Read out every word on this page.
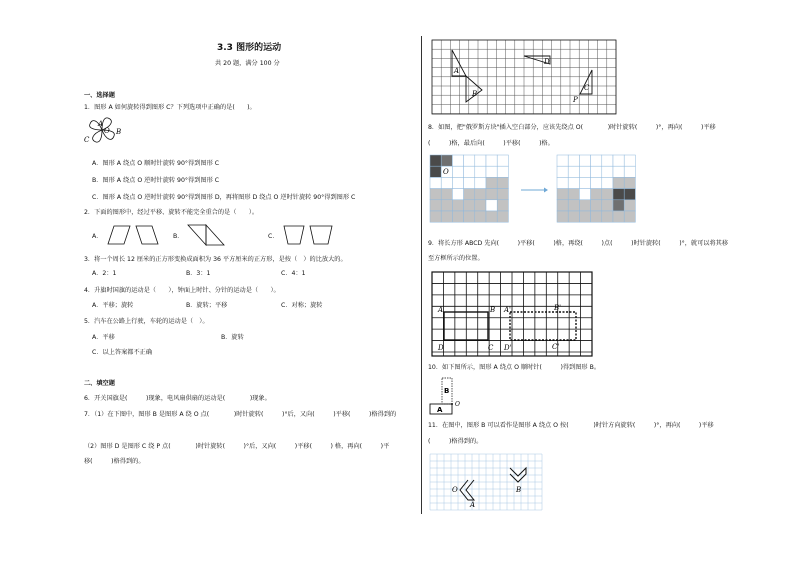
3.3 图形的运动
共 20 题，满分 100 分
一、选择题
1．图形 A 如何旋转得到图形 C？下列选项中正确的是(　　)。
A
O B
C
A．图形 A 绕点 O 顺时针旋转 90°得到图形 C
B．图形 A 绕点 O 逆时针旋转 90°得到图形 C
C．图形 A 绕点 O 逆时针旋转 90°得到图形 D，再将图形 D 绕点 O 逆时针旋转 90°得到图形 C
2．下面的图形中，经过平移、旋转不能完全重合的是（　　）。
A．	B．	C．
3．将一个周长 12 厘米的正方形变换成面积为 36 平方厘米的正方形，是按（　）的比放大的。
A．2：1	B．3：1	C．4：1
4．升旗时国旗的运动是（　　），钟面上时针、分针的运动是（　　）。
A．平移；旋转	B．旋转；平移	C．对称；旋转
5．汽车在公路上行驶，车轮的运动是（　）。
A．平移	B．旋转
C．以上答案都不正确
二、填空题
6．开关国旗是(　　　)现象，电风扇供扇的运动是(　　　　)现象。
7．（1）在下图中，图形 B 是图形 A 绕 O 点(　　　　)时针旋转(　　　)°后，又向(　　　)平移(　　　)格得到的
（2）图形 D 是图形 C 绕 P 点(　　　　)时针旋转(　　　)°后，又向(　　　)平移(　　　) 格，再向(　　　)平
移(　　　)格得到的。
A
B
D
C
P
8．如图，把"俄罗斯方块"插入空白部分，应该先绕点 O(　　　　)时针旋转(　　　)°，再向(　　　)平移
(　　　)格，最后向(　　　)平移(　　　)格。
O
9．将长方形 ABCD 先向(　　　)平移(　　　)格，再绕(　　　)点(　　　)时针旋转(　　　)°，就可以将其移
至方框所示的位置。
A	B A'	B'
D	C D'	C'
10．如下图所示，图形 A 绕点 O 顺时针(　　　)得到图形 B。
B
A
O
11．在图中，图形 B 可以看作是图形 A 绕点 O 按(　　　　)时针方向旋转(　　　)°，再向(　　　)平移
(　　　)格得到的。
O
A
B
